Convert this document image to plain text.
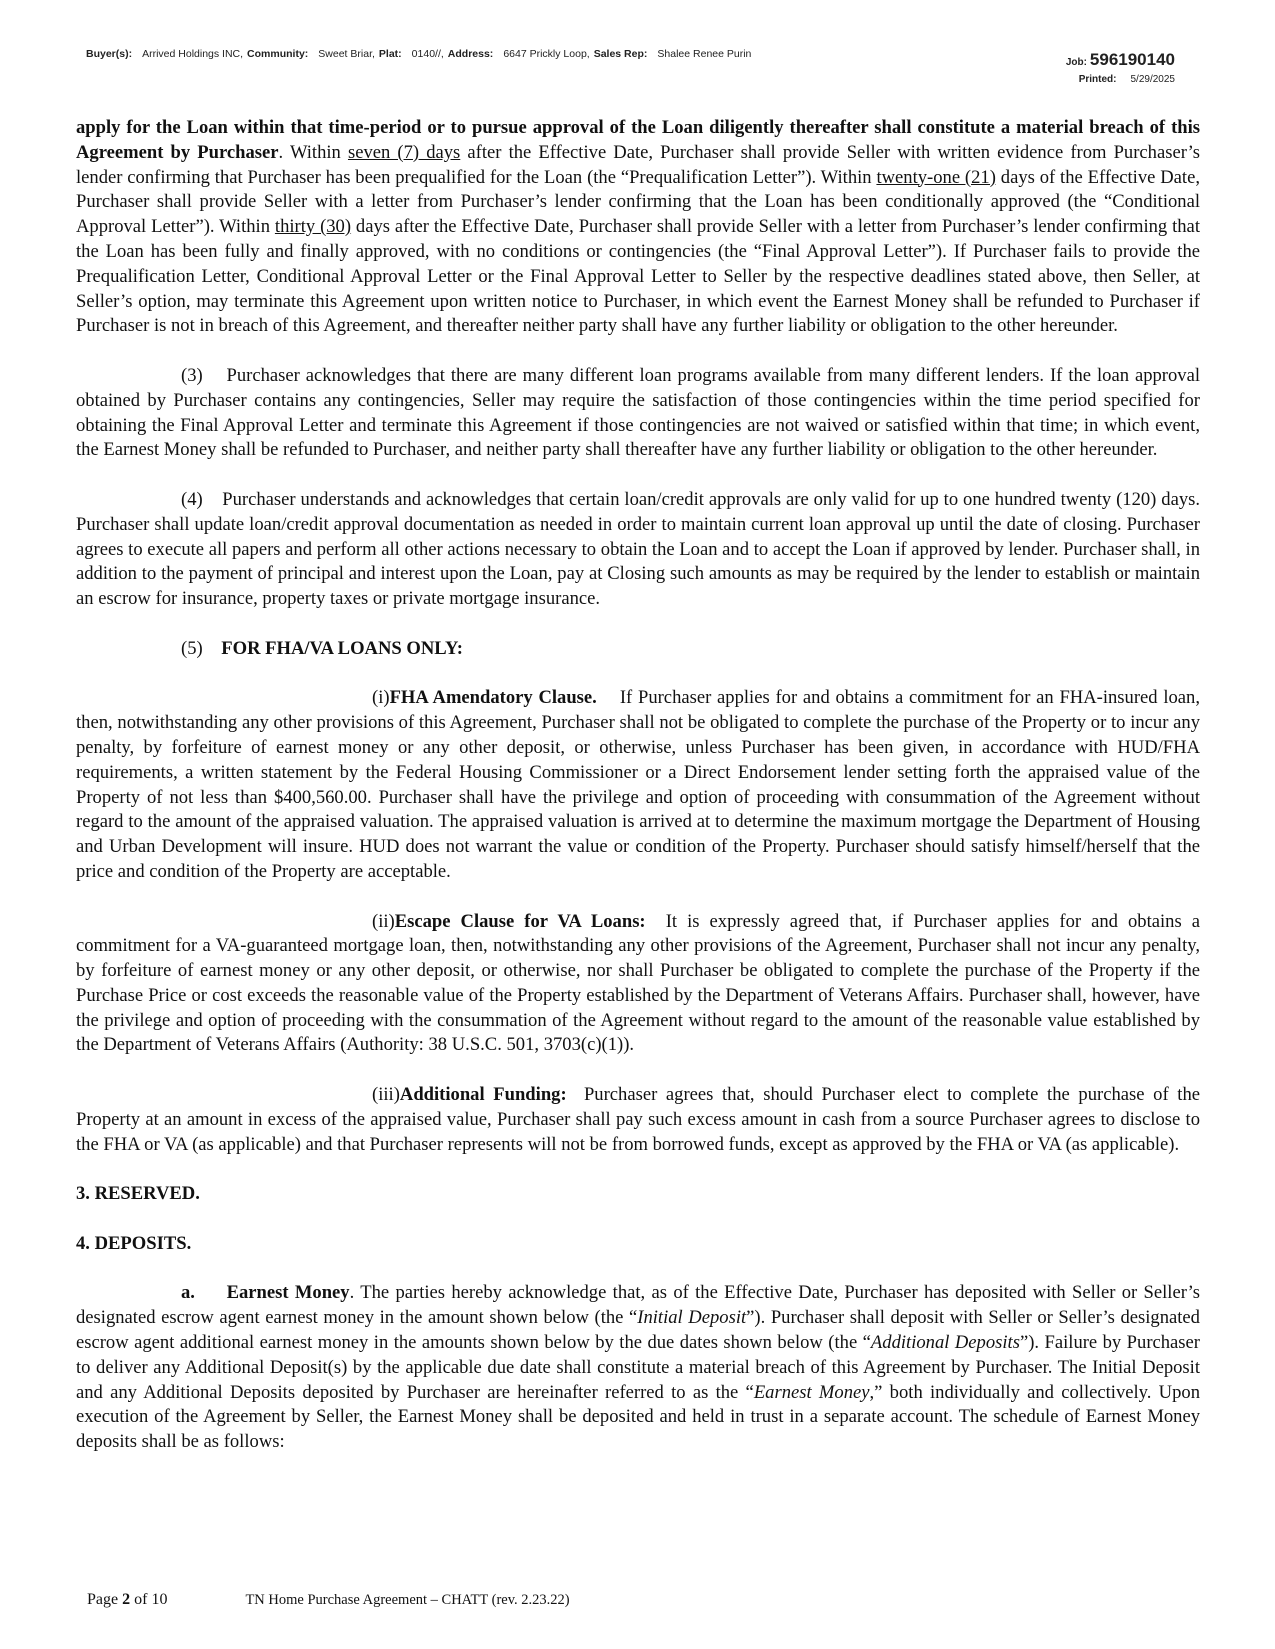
Buyer(s): Arrived Holdings INC, Community: Sweet Briar, Plat: 0140//, Address: 6647 Prickly Loop, Sales Rep: Shalee Renee Purin
Job: 596190140
Printed: 5/29/2025

apply for the Loan within that time-period or to pursue approval of the Loan diligently thereafter shall constitute a material breach of this Agreement by Purchaser. Within seven (7) days after the Effective Date, Purchaser shall provide Seller with written evidence from Purchaser’s lender confirming that Purchaser has been prequalified for the Loan (the “Prequalification Letter”). Within twenty-one (21) days of the Effective Date, Purchaser shall provide Seller with a letter from Purchaser’s lender confirming that the Loan has been conditionally approved (the “Conditional Approval Letter”). Within thirty (30) days after the Effective Date, Purchaser shall provide Seller with a letter from Purchaser’s lender confirming that the Loan has been fully and finally approved, with no conditions or contingencies (the “Final Approval Letter”). If Purchaser fails to provide the Prequalification Letter, Conditional Approval Letter or the Final Approval Letter to Seller by the respective deadlines stated above, then Seller, at Seller’s option, may terminate this Agreement upon written notice to Purchaser, in which event the Earnest Money shall be refunded to Purchaser if Purchaser is not in breach of this Agreement, and thereafter neither party shall have any further liability or obligation to the other hereunder.

(3) Purchaser acknowledges that there are many different loan programs available from many different lenders. If the loan approval obtained by Purchaser contains any contingencies, Seller may require the satisfaction of those contingencies within the time period specified for obtaining the Final Approval Letter and terminate this Agreement if those contingencies are not waived or satisfied within that time; in which event, the Earnest Money shall be refunded to Purchaser, and neither party shall thereafter have any further liability or obligation to the other hereunder.

(4) Purchaser understands and acknowledges that certain loan/credit approvals are only valid for up to one hundred twenty (120) days. Purchaser shall update loan/credit approval documentation as needed in order to maintain current loan approval up until the date of closing. Purchaser agrees to execute all papers and perform all other actions necessary to obtain the Loan and to accept the Loan if approved by lender. Purchaser shall, in addition to the payment of principal and interest upon the Loan, pay at Closing such amounts as may be required by the lender to establish or maintain an escrow for insurance, property taxes or private mortgage insurance.

(5) FOR FHA/VA LOANS ONLY:

(i)FHA Amendatory Clause. If Purchaser applies for and obtains a commitment for an FHA-insured loan, then, notwithstanding any other provisions of this Agreement, Purchaser shall not be obligated to complete the purchase of the Property or to incur any penalty, by forfeiture of earnest money or any other deposit, or otherwise, unless Purchaser has been given, in accordance with HUD/FHA requirements, a written statement by the Federal Housing Commissioner or a Direct Endorsement lender setting forth the appraised value of the Property of not less than $400,560.00. Purchaser shall have the privilege and option of proceeding with consummation of the Agreement without regard to the amount of the appraised valuation. The appraised valuation is arrived at to determine the maximum mortgage the Department of Housing and Urban Development will insure. HUD does not warrant the value or condition of the Property. Purchaser should satisfy himself/herself that the price and condition of the Property are acceptable.

(ii)Escape Clause for VA Loans: It is expressly agreed that, if Purchaser applies for and obtains a commitment for a VA-guaranteed mortgage loan, then, notwithstanding any other provisions of the Agreement, Purchaser shall not incur any penalty, by forfeiture of earnest money or any other deposit, or otherwise, nor shall Purchaser be obligated to complete the purchase of the Property if the Purchase Price or cost exceeds the reasonable value of the Property established by the Department of Veterans Affairs. Purchaser shall, however, have the privilege and option of proceeding with the consummation of the Agreement without regard to the amount of the reasonable value established by the Department of Veterans Affairs (Authority: 38 U.S.C. 501, 3703(c)(1)).

(iii)Additional Funding: Purchaser agrees that, should Purchaser elect to complete the purchase of the Property at an amount in excess of the appraised value, Purchaser shall pay such excess amount in cash from a source Purchaser agrees to disclose to the FHA or VA (as applicable) and that Purchaser represents will not be from borrowed funds, except as approved by the FHA or VA (as applicable).

3. RESERVED.
4. DEPOSITS.

a. Earnest Money. The parties hereby acknowledge that, as of the Effective Date, Purchaser has deposited with Seller or Seller’s designated escrow agent earnest money in the amount shown below (the “Initial Deposit”). Purchaser shall deposit with Seller or Seller’s designated escrow agent additional earnest money in the amounts shown below by the due dates shown below (the “Additional Deposits”). Failure by Purchaser to deliver any Additional Deposit(s) by the applicable due date shall constitute a material breach of this Agreement by Purchaser. The Initial Deposit and any Additional Deposits deposited by Purchaser are hereinafter referred to as the “Earnest Money,” both individually and collectively. Upon execution of the Agreement by Seller, the Earnest Money shall be deposited and held in trust in a separate account. The schedule of Earnest Money deposits shall be as follows:

Page 2 of 10	TN Home Purchase Agreement – CHATT (rev. 2.23.22)
